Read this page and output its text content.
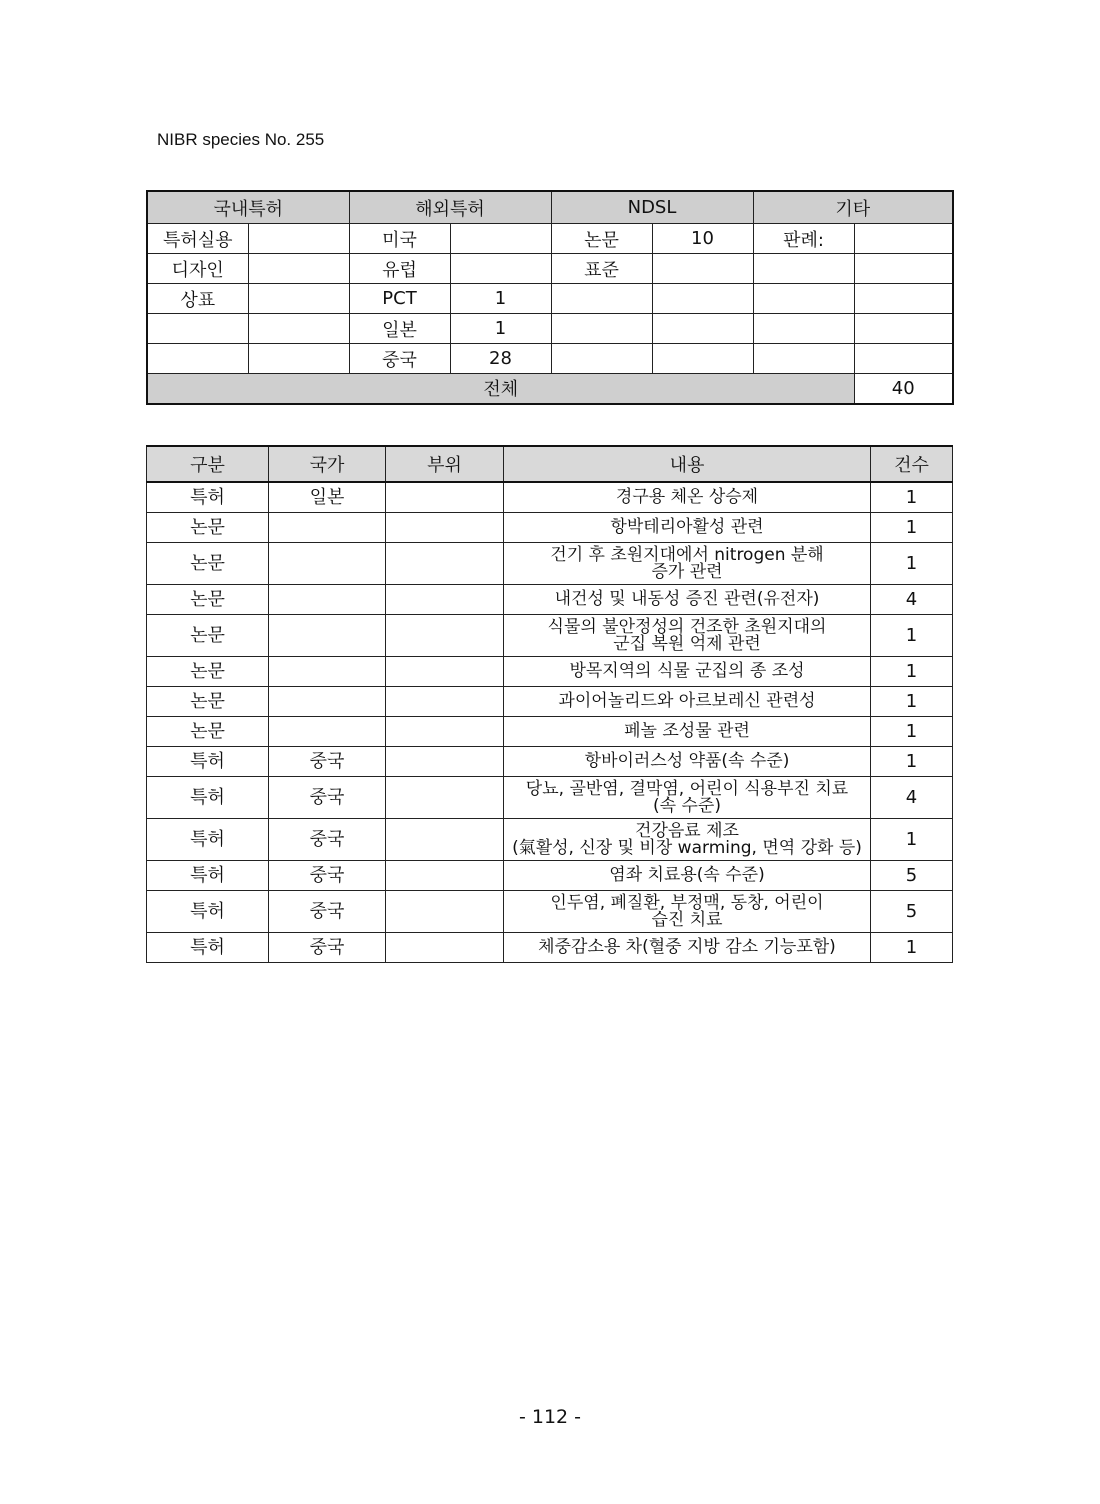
NIBR species No. 255
국내특허		해외특허		NDSL		기타	
특허실용		미국		논문	10	판례:	
디자인		유럽		표준			
상표		PCT	1				
		일본	1				
		중국	28				
전체							40
구분	국가	부위	내용	건수
특허	일본		경구용 체온 상승제	1
논문			항박테리아활성 관련	1
논문			건기 후 초원지대에서 nitrogen 분해
증가 관련	1
논문			내건성 및 내동성 증진 관련(유전자)	4
논문			식물의 불안정성의 건조한 초원지대의
군집 복원 억제 관련	1
논문			방목지역의 식물 군집의 종 조성	1
논문			과이어놀리드와 아르보레신 관련성	1
논문			페놀 조성물 관련	1
특허	중국		항바이러스성 약품(속 수준)	1
특허	중국		당뇨, 골반염, 결막염, 어린이 식용부진 치료
(속 수준)	4
특허	중국		건강음료 제조
(氣활성, 신장 및 비장 warming, 면역 강화 등)	1
특허	중국		염좌 치료용(속 수준)	5
특허	중국		인두염, 폐질환, 부정맥, 동창, 어린이
습진 치료	5
특허	중국		체중감소용 차(혈중 지방 감소 기능포함)	1
- 112 -
